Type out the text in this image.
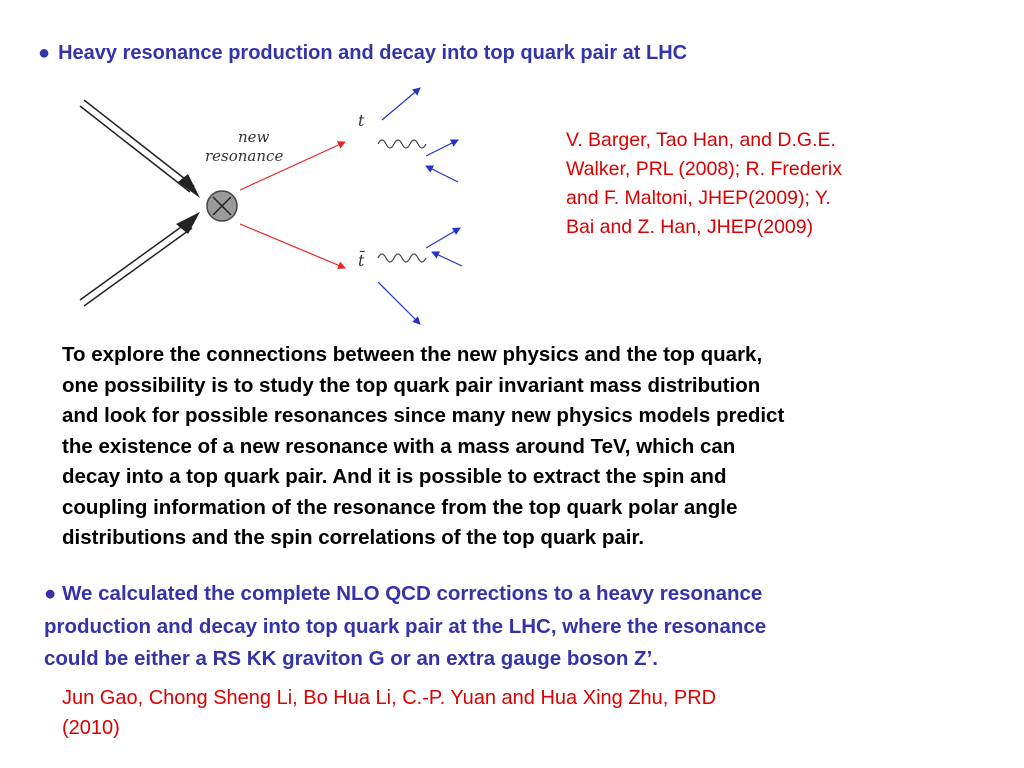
● Heavy resonance production and decay into top quark pair at LHC
new
resonance
t
t̄
V. Barger, Tao Han, and D.G.E.
Walker, PRL (2008); R. Frederix
and F. Maltoni, JHEP(2009); Y.
Bai and Z. Han, JHEP(2009)
To explore the connections between the new physics and the top quark,
one possibility is to study the top quark pair invariant mass distribution
and look for possible resonances since many new physics models predict
the existence of a new resonance with a mass around TeV, which can
decay into a top quark pair. And it is possible to extract the spin and
coupling information of the resonance from the top quark polar angle
distributions and the spin correlations of the top quark pair.
● We calculated the complete NLO QCD corrections to a heavy resonance
production and decay into top quark pair at the LHC, where the resonance
could be either a RS KK graviton G or an extra gauge boson Z’.
Jun Gao, Chong Sheng Li, Bo Hua Li, C.-P. Yuan and Hua Xing Zhu, PRD
(2010)
